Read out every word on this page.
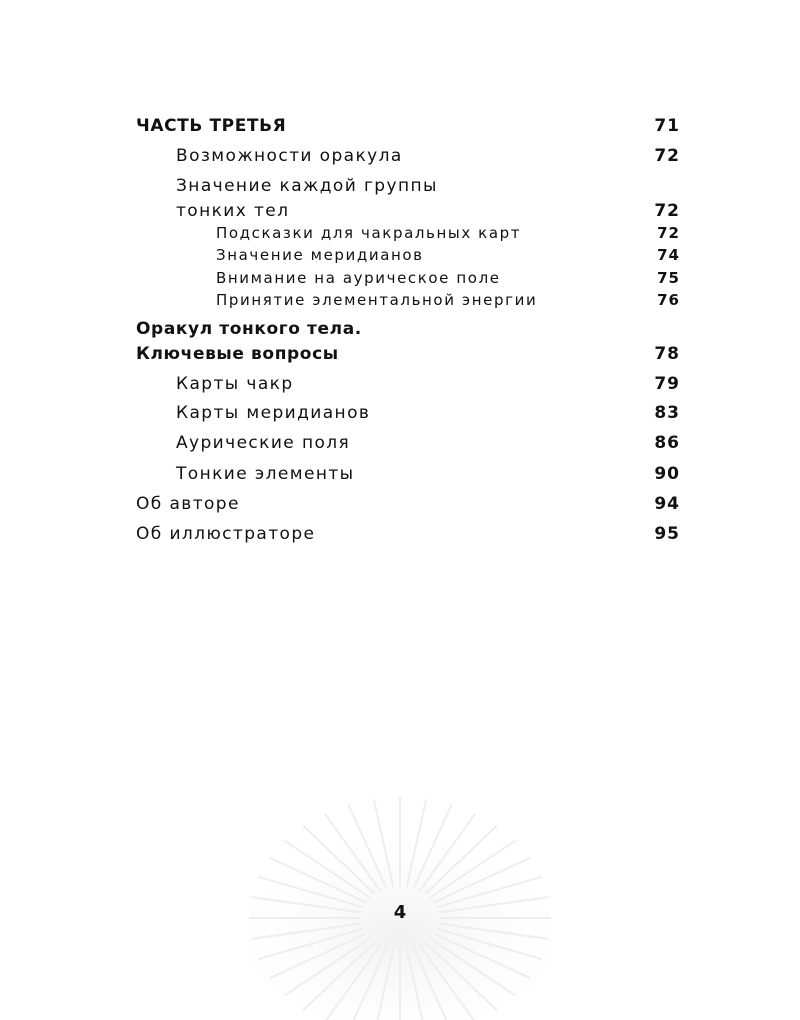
ЧАСТЬ ТРЕТЬЯ	71
Возможности оракула	72
Значение каждой группы
тонких тел	72
Подсказки для чакральных карт	72
Значение меридианов	74
Внимание на аурическое поле	75
Принятие элементальной энергии	76
Оракул тонкого тела.
Ключевые вопросы	78
Карты чакр	79
Карты меридианов	83
Аурические поля	86
Тонкие элементы	90
Об авторе	94
Об иллюстраторе	95
4
